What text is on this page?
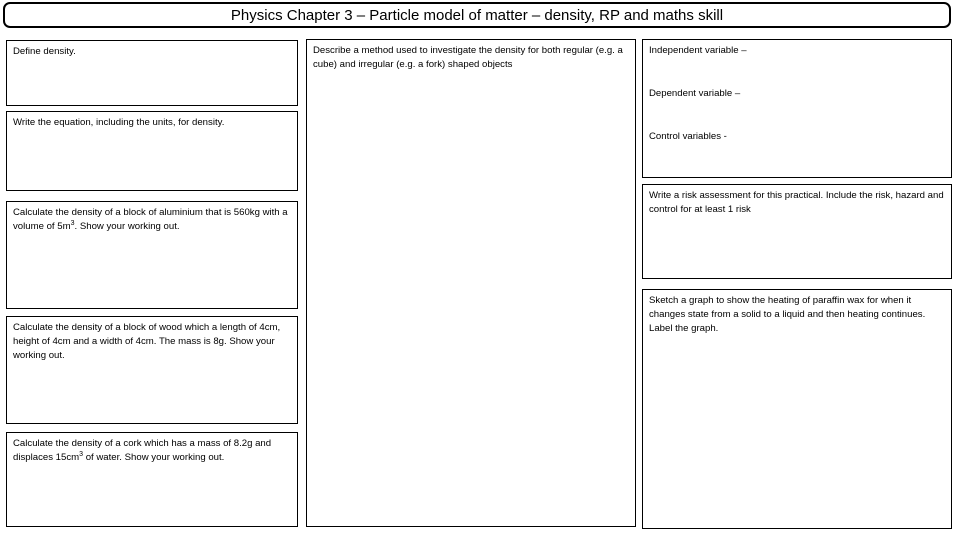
Physics Chapter 3 – Particle model of matter – density, RP and maths skill

Define density.

Write the equation, including the units, for density.

Calculate the density of a block of aluminium that is 560kg with a volume of $5m^3$. Show your working out.

Calculate the density of a block of wood which a length of 4cm, height of 4cm and a width of 4cm. The mass is 8g. Show your working out.

Calculate the density of a cork which has a mass of 8.2g and displaces $15cm^3$ of water. Show your working out.

Describe a method used to investigate the density for both regular (e.g. a cube) and irregular (e.g. a fork) shaped objects

Independent variable –
Dependent variable –
Control variables -

Write a risk assessment for this practical. Include the risk, hazard and control for at least 1 risk

Sketch a graph to show the heating of paraffin wax for when it changes state from a solid to a liquid and then heating continues. Label the graph.
